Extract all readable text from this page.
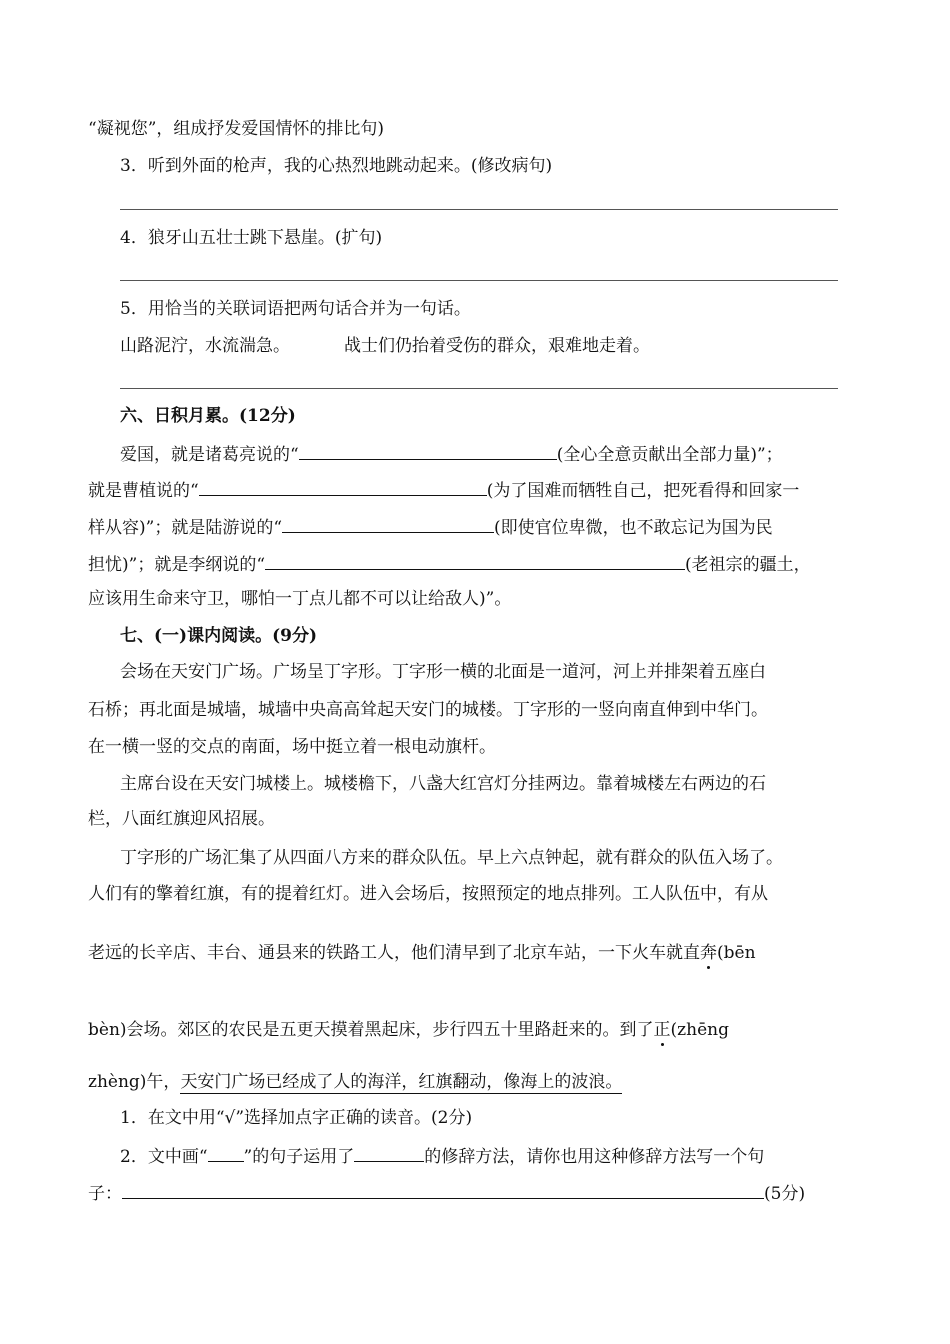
“凝视您”，组成抒发爱国情怀的排比句)
3．听到外面的枪声，我的心热烈地跳动起来。(修改病句)
4．狼牙山五壮士跳下悬崖。(扩句)
5．用恰当的关联词语把两句话合并为一句话。
山路泥泞，水流湍急。	战士们仍抬着受伤的群众，艰难地走着。
六、日积月累。(12分)
爱国，就是诸葛亮说的“	(全心全意贡献出全部力量)”；
就是曹植说的“	(为了国难而牺牲自己，把死看得和回家一
样从容)”；就是陆游说的“	(即使官位卑微，也不敢忘记为国为民
担忧)”；就是李纲说的“	(老祖宗的疆土，
应该用生命来守卫，哪怕一丁点儿都不可以让给敌人)”。
七、(一)课内阅读。(9分)
会场在天安门广场。广场呈丁字形。丁字形一横的北面是一道河，河上并排架着五座白
石桥；再北面是城墙，城墙中央高高耸起天安门的城楼。丁字形的一竖向南直伸到中华门。
在一横一竖的交点的南面，场中挺立着一根电动旗杆。
主席台设在天安门城楼上。城楼檐下，八盏大红宫灯分挂两边。靠着城楼左右两边的石
栏，八面红旗迎风招展。
丁字形的广场汇集了从四面八方来的群众队伍。早上六点钟起，就有群众的队伍入场了。
人们有的擎着红旗，有的提着红灯。进入会场后，按照预定的地点排列。工人队伍中，有从
老远的长辛店、丰台、通县来的铁路工人，他们清早到了北京车站，一下火车就直奔(bēn
bèn)会场。郊区的农民是五更天摸着黑起床，步行四五十里路赶来的。到了正(zhēng
zhèng)午，天安门广场已经成了人的海洋，红旗翻动，像海上的波浪。
1．在文中用“√”选择加点字正确的读音。(2分)
2．文中画“ ”的句子运用了	的修辞方法，请你也用这种修辞方法写一个句
子：	(5分)
